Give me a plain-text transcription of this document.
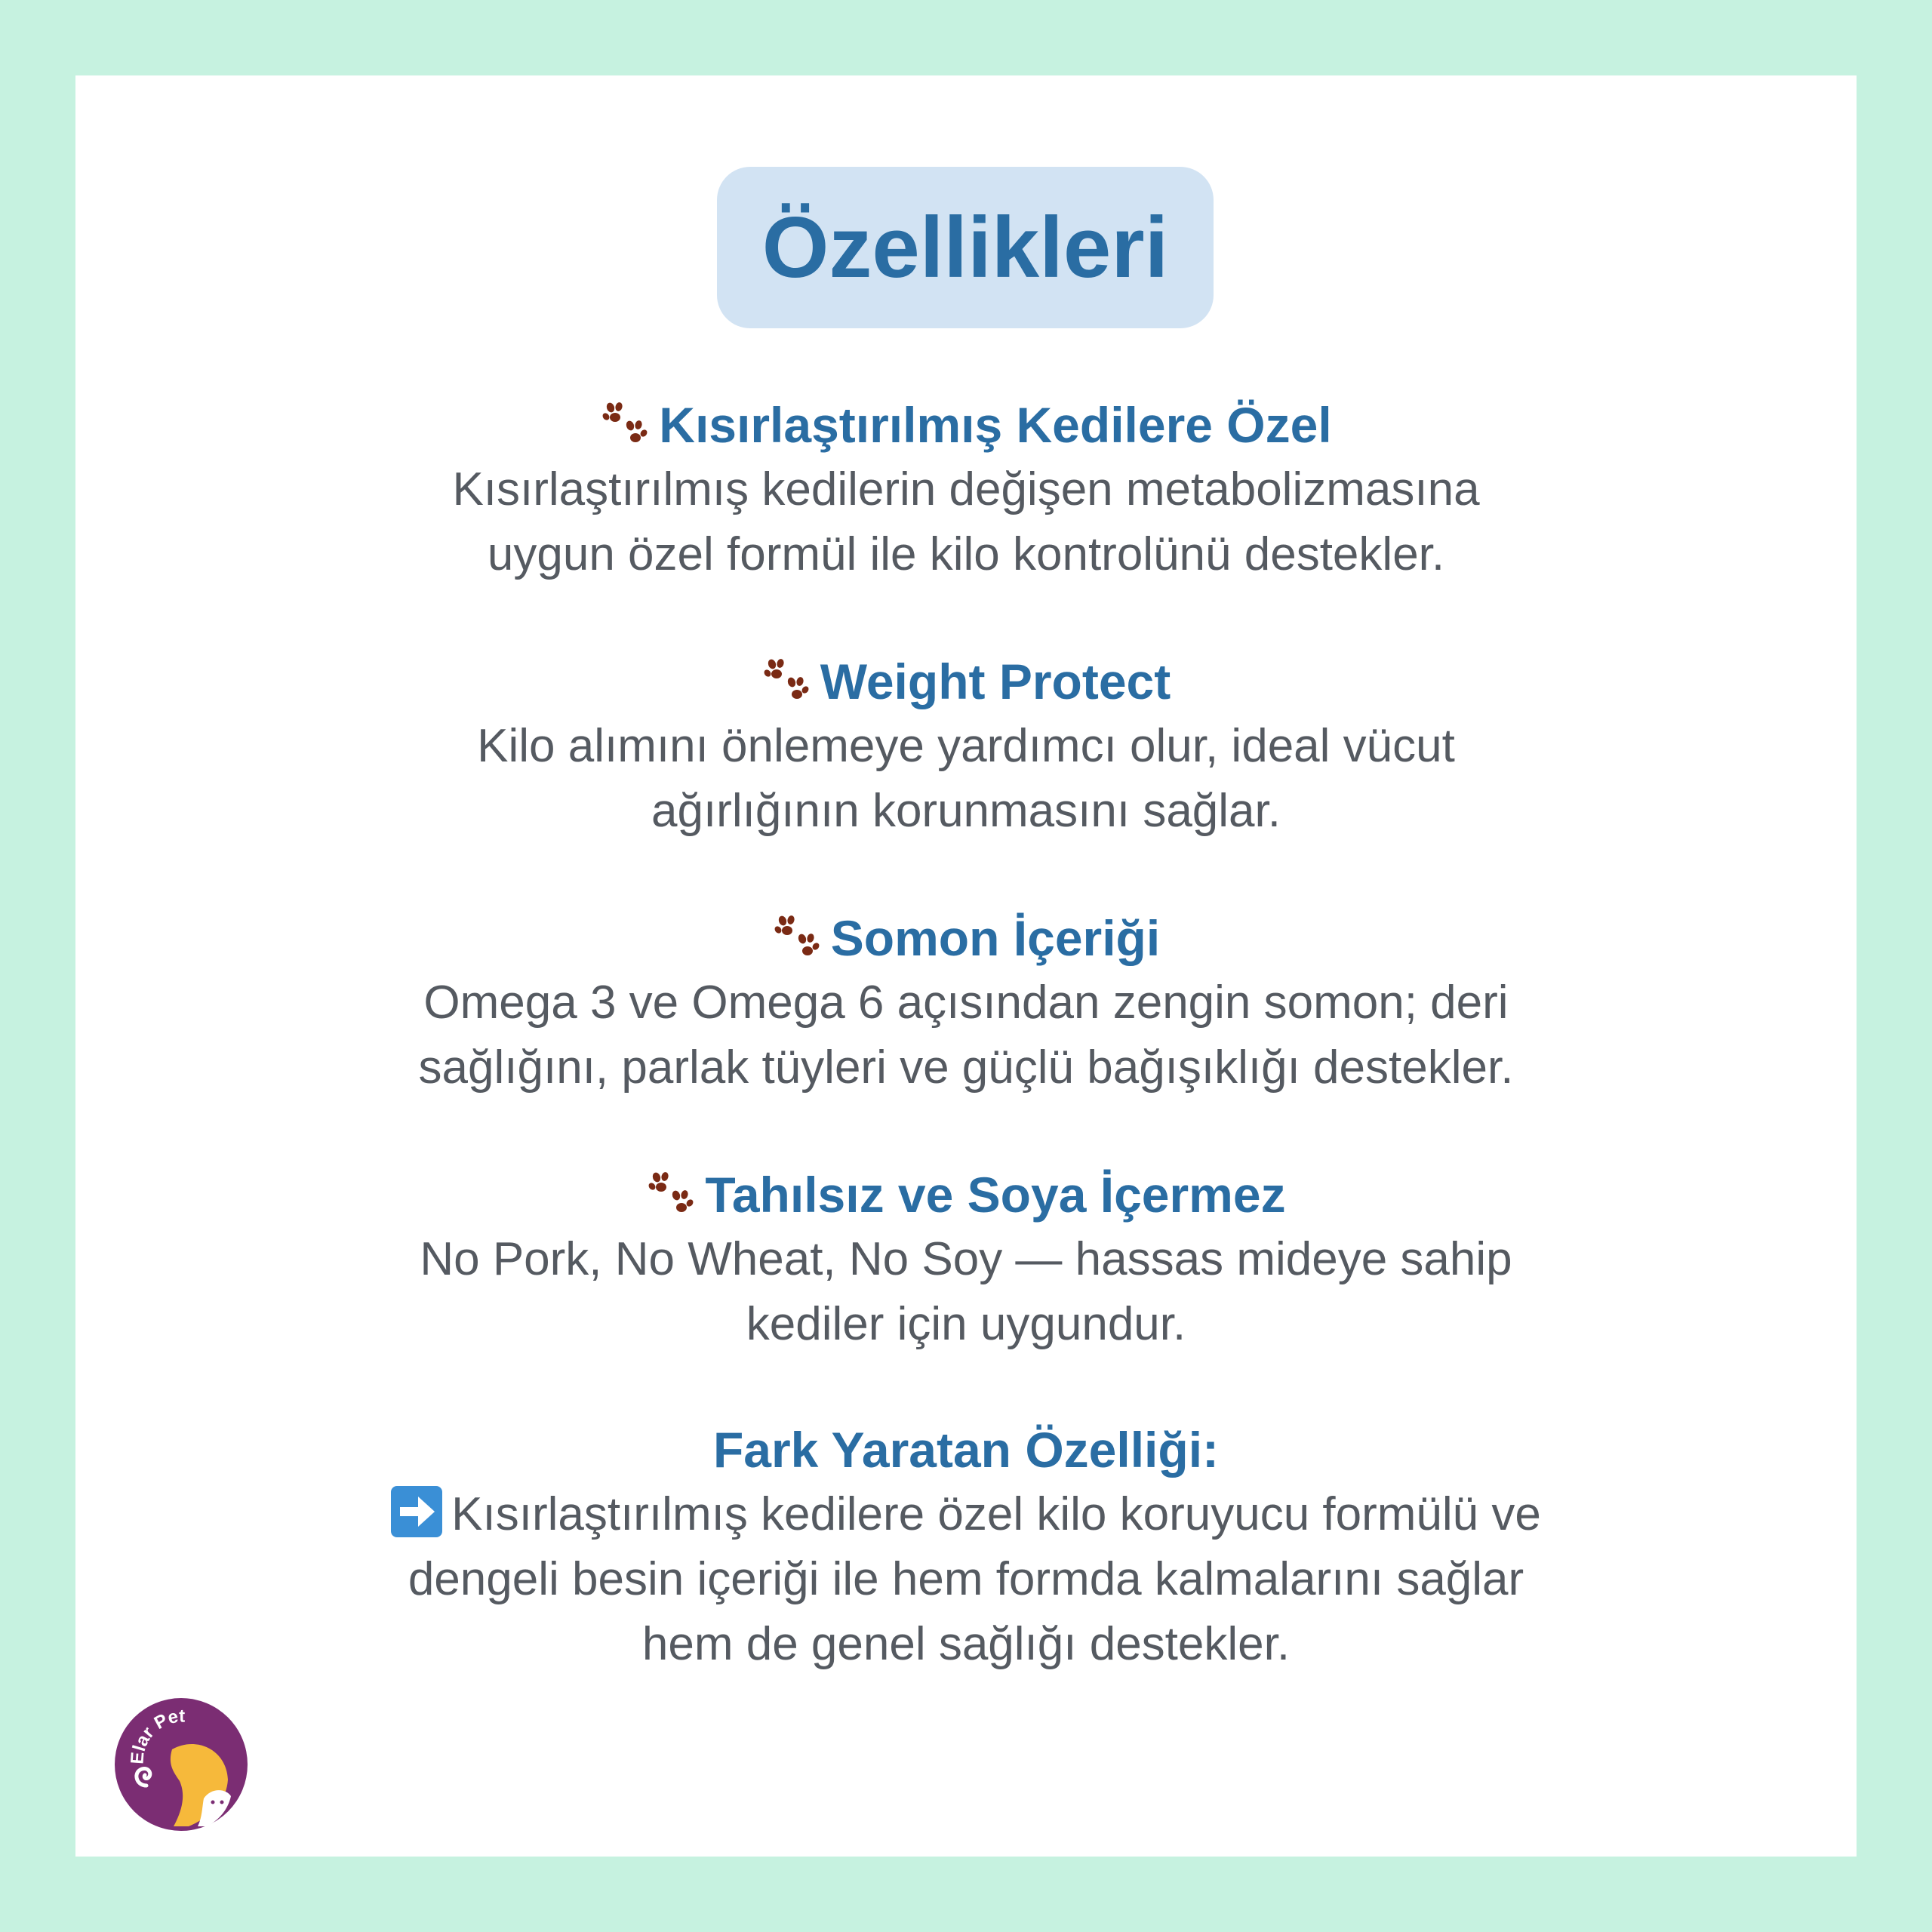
Özellikleri
Kısırlaştırılmış Kedilere Özel
Kısırlaştırılmış kedilerin değişen metabolizmasına
uygun özel formül ile kilo kontrolünü destekler.
Weight Protect
Kilo alımını önlemeye yardımcı olur, ideal vücut
ağırlığının korunmasını sağlar.
Somon İçeriği
Omega 3 ve Omega 6 açısından zengin somon; deri
sağlığını, parlak tüyleri ve güçlü bağışıklığı destekler.
Tahılsız ve Soya İçermez
No Pork, No Wheat, No Soy — hassas mideye sahip
kediler için uygundur.
Fark Yaratan Özelliği:
Kısırlaştırılmış kedilere özel kilo koruyucu formülü ve
dengeli besin içeriği ile hem formda kalmalarını sağlar
hem de genel sağlığı destekler.
Elar Pet
